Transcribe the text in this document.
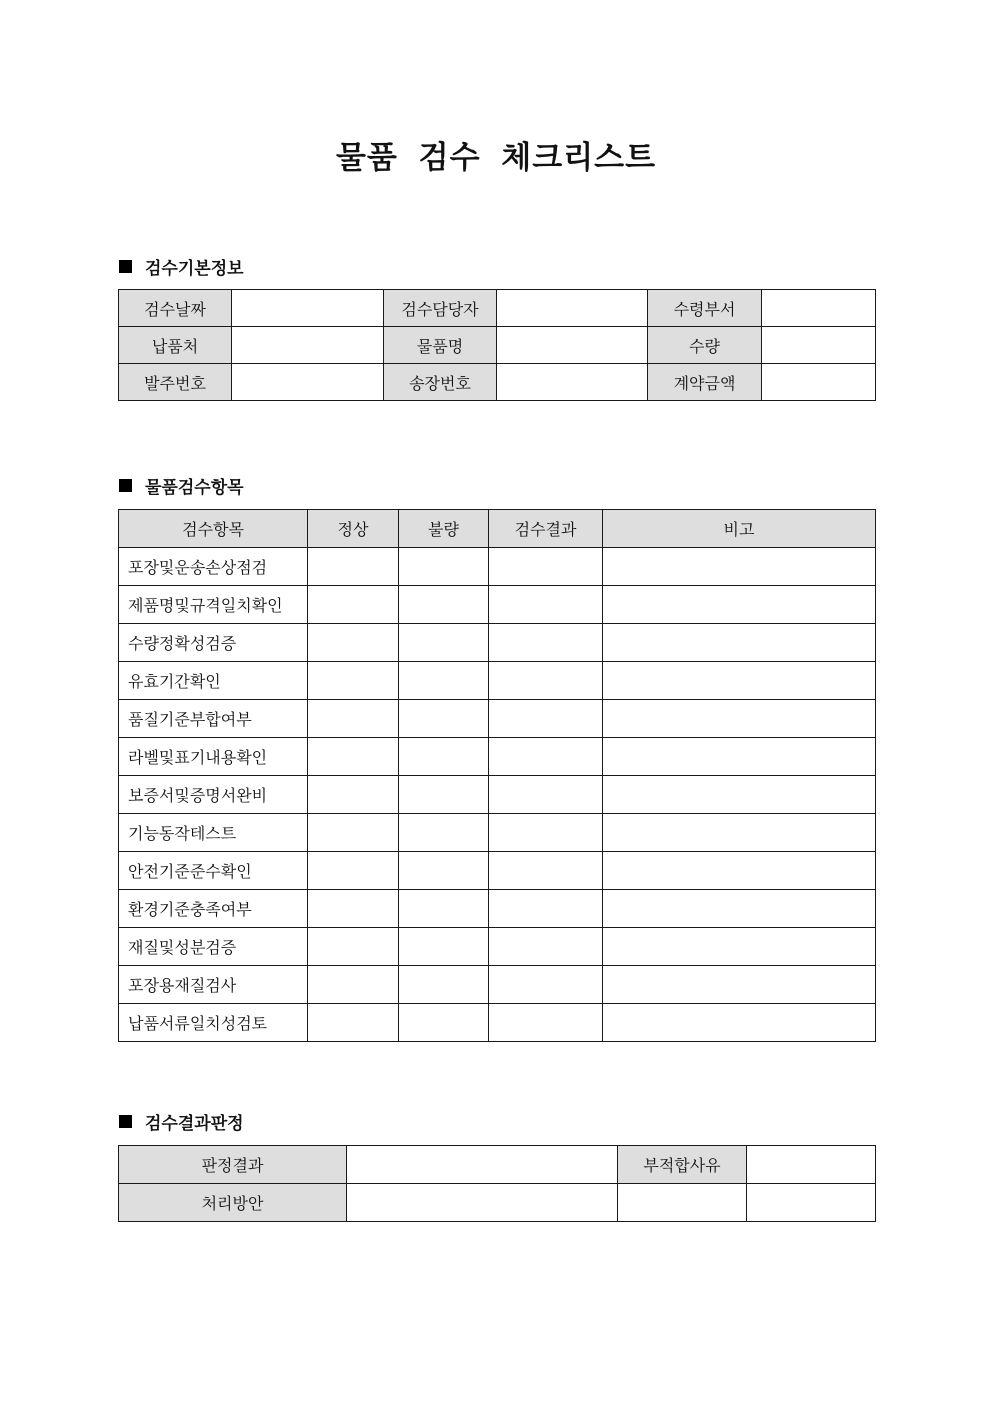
물품 검수 체크리스트
검수기본정보
검수날짜		검수담당자		수령부서	
납품처		물품명		수량	
발주번호		송장번호		계약금액	
물품검수항목
검수항목	정상	불량	검수결과	비고
포장및운송손상점검				
제품명및규격일치확인				
수량정확성검증				
유효기간확인				
품질기준부합여부				
라벨및표기내용확인				
보증서및증명서완비				
기능동작테스트				
안전기준준수확인				
환경기준충족여부				
재질및성분검증				
포장용재질검사				
납품서류일치성검토				
검수결과판정
판정결과		부적합사유	
처리방안			
